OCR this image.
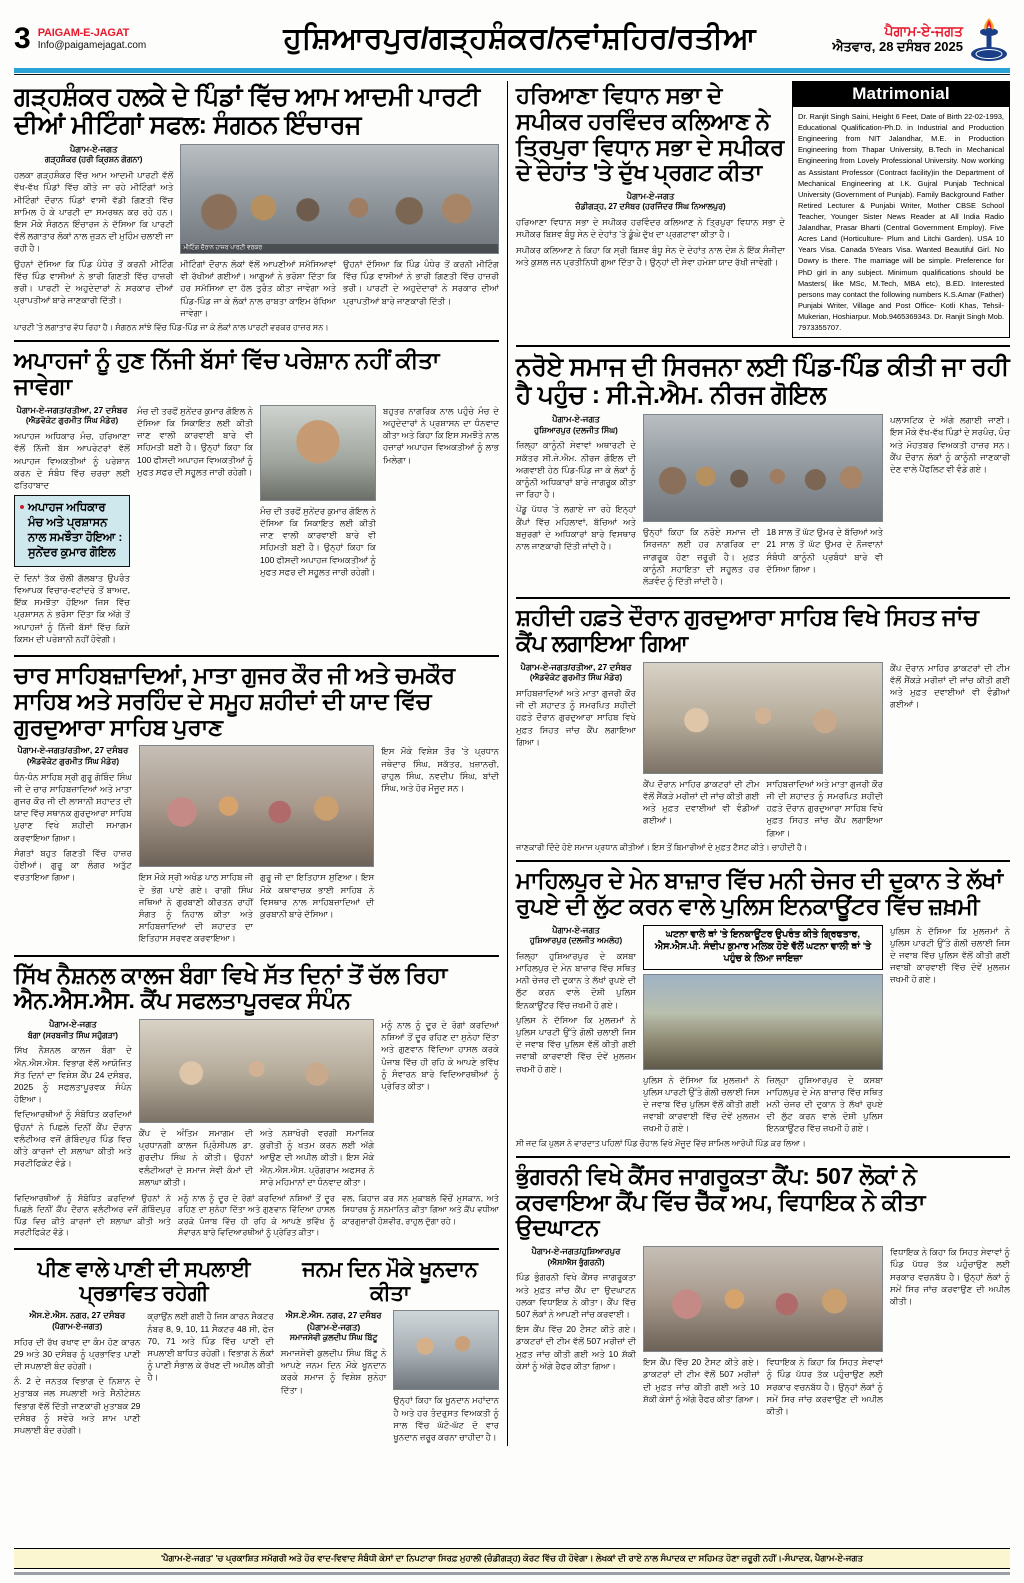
3 PAIGAM-E-JAGAT
Info@paigamejagat.com	ਹੁਸ਼ਿਆਰਪੁਰ/ਗੜ੍ਹਸ਼ੰਕਰ/ਨਵਾਂਸ਼ਹਿਰ/ਰਤੀਆ	ਪੈਗਾਮ-ਏ-ਜਗਤ
ਐਤਵਾਰ, 28 ਦਸੰਬਰ 2025
ਗੜ੍ਹਸ਼ੰਕਰ ਹਲਕੇ ਦੇ ਪਿੰਡਾਂ ਵਿੱਚ ਆਮ ਆਦਮੀ ਪਾਰਟੀ ਦੀਆਂ ਮੀਟਿੰਗਾਂ ਸਫਲ: ਸੰਗਠਨ ਇੰਚਾਰਜ
ਪੈਗਾਮ-ਏ-ਜਗਤ
ਗੜ੍ਹਸ਼ੰਕਰ (ਹਰੀ ਕ੍ਰਿਸ਼ਨ ਗੋਗਨਾ)

ਹਲਕਾ ਗੜ੍ਹਸ਼ੰਕਰ ਵਿੱਚ ਆਮ ਆਦਮੀ ਪਾਰਟੀ ਵੱਲੋਂ ਵੱਖ-ਵੱਖ ਪਿੰਡਾਂ ਵਿੱਚ ਕੀਤੇ ਜਾ ਰਹੇ ਮੀਟਿੰਗਾਂ ਅਤੇ ਮੀਟਿੰਗਾਂ ਦੌਰਾਨ ਪਿੰਡਾਂ ਵਾਸੀ ਵੱਡੀ ਗਿਣਤੀ ਵਿੱਚ ਸ਼ਾਮਿਲ ਹੋ ਕੇ ਪਾਰਟੀ ਦਾ ਸਮਰਥਨ ਕਰ ਰਹੇ ਹਨ। ਇਸ ਮੌਕੇ ਸੰਗਠਨ ਇੰਚਾਰਜ ਨੇ ਦੱਸਿਆ ਕਿ ਪਾਰਟੀ ਵੱਲੋਂ ਲਗਾਤਾਰ ਲੋਕਾਂ ਨਾਲ ਜੁੜਨ ਦੀ ਮੁਹਿੰਮ ਚਲਾਈ ਜਾ ਰਹੀ ਹੈ।

ਉਹਨਾਂ ਦੱਸਿਆ ਕਿ ਪਿੰਡ ਪੰਧੇਰ ਤੋਂ ਕਰਨੀ ਮੀਟਿੰਗ ਵਿੱਚ ਪਿੰਡ ਵਾਸੀਆਂ ਨੇ ਭਾਰੀ ਗਿਣਤੀ ਵਿੱਚ ਹਾਜ਼ਰੀ ਭਰੀ। ਪਾਰਟੀ ਦੇ ਅਹੁਦੇਦਾਰਾਂ ਨੇ ਸਰਕਾਰ ਦੀਆਂ ਪ੍ਰਾਪਤੀਆਂ ਬਾਰੇ ਜਾਣਕਾਰੀ ਦਿੱਤੀ।

ਮੀਟਿੰਗ ਦੌਰਾਨ ਹਾਜ਼ਰ ਪਾਰਟੀ ਵਰਕਰ

ਮੀਟਿੰਗਾਂ ਦੌਰਾਨ ਲੋਕਾਂ ਵੱਲੋਂ ਆਪਣੀਆਂ ਸਮੱਸਿਆਵਾਂ ਵੀ ਰੱਖੀਆਂ ਗਈਆਂ। ਆਗੂਆਂ ਨੇ ਭਰੋਸਾ ਦਿੱਤਾ ਕਿ ਹਰ ਸਮੱਸਿਆ ਦਾ ਹੱਲ ਤੁਰੰਤ ਕੀਤਾ ਜਾਵੇਗਾ ਅਤੇ ਪਿੰਡ-ਪਿੰਡ ਜਾ ਕੇ ਲੋਕਾਂ ਨਾਲ ਰਾਬਤਾ ਕਾਇਮ ਰੱਖਿਆ ਜਾਵੇਗਾ।

ਉਹਨਾਂ ਦੱਸਿਆ ਕਿ ਪਿੰਡ ਪੰਧੇਰ ਤੋਂ ਕਰਨੀ ਮੀਟਿੰਗ ਵਿੱਚ ਪਿੰਡ ਵਾਸੀਆਂ ਨੇ ਭਾਰੀ ਗਿਣਤੀ ਵਿੱਚ ਹਾਜ਼ਰੀ ਭਰੀ। ਪਾਰਟੀ ਦੇ ਅਹੁਦੇਦਾਰਾਂ ਨੇ ਸਰਕਾਰ ਦੀਆਂ ਪ੍ਰਾਪਤੀਆਂ ਬਾਰੇ ਜਾਣਕਾਰੀ ਦਿੱਤੀ।

ਪਾਰਟੀ 'ਤੇ ਲਗਾਤਾਰ ਵੱਧ ਰਿਹਾ ਹੈ। ਸੰਗਠਨ ਸਾਂਝੇ ਵਿੱਚ ਪਿੰਡ-ਪਿੰਡ ਜਾ ਕੇ ਲੋਕਾਂ ਨਾਲ ਪਾਰਟੀ ਵਰਕਰ ਹਾਜ਼ਰ ਸਨ।

ਅਪਾਹਜਾਂ ਨੂੰ ਹੁਣ ਨਿੱਜੀ ਬੱਸਾਂ ਵਿੱਚ ਪਰੇਸ਼ਾਨ ਨਹੀਂ ਕੀਤਾ ਜਾਵੇਗਾ
ਪੈਗਾਮ-ਏ-ਜਗਤ/ਰਤੀਆ, 27 ਦਸੰਬਰ
(ਐਡਵੋਕੇਟ ਗੁਰਮੀਤ ਸਿੰਘ ਮੰਡੇਰ)

ਅਪਾਹਜ ਅਧਿਕਾਰ ਮੰਚ, ਹਰਿਆਣਾ ਵੱਲੋਂ ਨਿੱਜੀ ਬੱਸ ਆਪਰੇਟਰਾਂ ਵੱਲੋਂ ਅਪਾਹਜ ਵਿਅਕਤੀਆਂ ਨੂੰ ਪਰੇਸ਼ਾਨ ਕਰਨ ਦੇ ਸੰਬੰਧ ਵਿੱਚ ਚਰਚਾ ਲਈ ਫਤਿਹਾਬਾਦ

ਅਪਾਹਜ ਅਧਿਕਾਰ ਮੰਚ ਅਤੇ ਪ੍ਰਸ਼ਾਸਨ ਨਾਲ ਸਮਝੌਤਾ ਹੋਇਆ : ਸੁਨੇਂਦਰ ਕੁਮਾਰ ਗੋਇਲ

ਦੋ ਦਿਨਾਂ ਤੱਕ ਚੱਲੀ ਗੱਲਬਾਤ ਉਪਰੰਤ ਵਿਆਪਕ ਵਿਚਾਰ-ਵਟਾਂਦਰੇ ਤੋਂ ਬਾਅਦ, ਇੱਕ ਸਮਝੌਤਾ ਹੋਇਆ ਜਿਸ ਵਿੱਚ ਪ੍ਰਸ਼ਾਸਨ ਨੇ ਭਰੋਸਾ ਦਿੱਤਾ ਕਿ ਅੱਗੇ ਤੋਂ ਅਪਾਹਜਾਂ ਨੂੰ ਨਿੱਜੀ ਬੱਸਾਂ ਵਿੱਚ ਕਿਸੇ ਕਿਸਮ ਦੀ ਪਰੇਸ਼ਾਨੀ ਨਹੀਂ ਹੋਵੇਗੀ।

ਮੰਚ ਦੀ ਤਰਫੋਂ ਸੁਨੇਂਦਰ ਕੁਮਾਰ ਗੋਇਲ ਨੇ ਦੱਸਿਆ ਕਿ ਸਿਕਾਇਤ ਲਈ ਕੀਤੀ ਜਾਣ ਵਾਲੀ ਕਾਰਵਾਈ ਬਾਰੇ ਵੀ ਸਹਿਮਤੀ ਬਣੀ ਹੈ। ਉਨ੍ਹਾਂ ਕਿਹਾ ਕਿ 100 ਫੀਸਦੀ ਅਪਾਹਜ ਵਿਅਕਤੀਆਂ ਨੂੰ ਮੁਫਤ ਸਫਰ ਦੀ ਸਹੂਲਤ ਜਾਰੀ ਰਹੇਗੀ।

ਮੰਚ ਦੀ ਤਰਫੋਂ ਸੁਨੇਂਦਰ ਕੁਮਾਰ ਗੋਇਲ ਨੇ ਦੱਸਿਆ ਕਿ ਸਿਕਾਇਤ ਲਈ ਕੀਤੀ ਜਾਣ ਵਾਲੀ ਕਾਰਵਾਈ ਬਾਰੇ ਵੀ ਸਹਿਮਤੀ ਬਣੀ ਹੈ। ਉਨ੍ਹਾਂ ਕਿਹਾ ਕਿ 100 ਫੀਸਦੀ ਅਪਾਹਜ ਵਿਅਕਤੀਆਂ ਨੂੰ ਮੁਫਤ ਸਫਰ ਦੀ ਸਹੂਲਤ ਜਾਰੀ ਰਹੇਗੀ।

ਬਹੁਤਰ ਨਾਗਰਿਕ ਨਾਲ ਪਹੁੰਚੇ ਮੰਚ ਦੇ ਅਹੁਦੇਦਾਰਾਂ ਨੇ ਪ੍ਰਸ਼ਾਸਨ ਦਾ ਧੰਨਵਾਦ ਕੀਤਾ ਅਤੇ ਕਿਹਾ ਕਿ ਇਸ ਸਮਝੌਤੇ ਨਾਲ ਹਜ਼ਾਰਾਂ ਅਪਾਹਜ ਵਿਅਕਤੀਆਂ ਨੂੰ ਲਾਭ ਮਿਲੇਗਾ।

ਚਾਰ ਸਾਹਿਬਜ਼ਾਦਿਆਂ, ਮਾਤਾ ਗੁਜਰ ਕੌਰ ਜੀ ਅਤੇ ਚਮਕੌਰ ਸਾਹਿਬ ਅਤੇ ਸਰਹਿੰਦ ਦੇ ਸਮੂਹ ਸ਼ਹੀਦਾਂ ਦੀ ਯਾਦ ਵਿੱਚ ਗੁਰਦੁਆਰਾ ਸਾਹਿਬ ਪੁਰਾਣ
ਪੈਗਾਮ-ਏ-ਜਗਤ/ਰਤੀਆ, 27 ਦਸੰਬਰ
(ਐਡਵੋਕੇਟ ਗੁਰਮੀਤ ਸਿੰਘ ਮੰਡੇਰ)

ਧੰਨ-ਧੰਨ ਸਾਹਿਬ ਸ੍ਰੀ ਗੁਰੂ ਗੋਬਿੰਦ ਸਿੰਘ ਜੀ ਦੇ ਚਾਰ ਸਾਹਿਬਜ਼ਾਦਿਆਂ ਅਤੇ ਮਾਤਾ ਗੁਜਰ ਕੌਰ ਜੀ ਦੀ ਲਾਸਾਨੀ ਸ਼ਹਾਦਤ ਦੀ ਯਾਦ ਵਿੱਚ ਸਥਾਨਕ ਗੁਰਦੁਆਰਾ ਸਾਹਿਬ ਪੁਰਾਣ ਵਿਖੇ ਸ਼ਹੀਦੀ ਸਮਾਗਮ ਕਰਵਾਇਆ ਗਿਆ।

ਸੰਗਤਾਂ ਬਹੁਤ ਗਿਣਤੀ ਵਿੱਚ ਹਾਜ਼ਰ ਹੋਈਆਂ। ਗੁਰੂ ਕਾ ਲੰਗਰ ਅਤੁੱਟ ਵਰਤਾਇਆ ਗਿਆ।	ਇਸ ਮੌਕੇ ਸ੍ਰੀ ਅਖੰਡ ਪਾਠ ਸਾਹਿਬ ਜੀ ਦੇ ਭੋਗ ਪਾਏ ਗਏ। ਰਾਗੀ ਸਿੰਘ ਜਥਿਆਂ ਨੇ ਗੁਰਬਾਣੀ ਕੀਰਤਨ ਰਾਹੀਂ ਸੰਗਤ ਨੂੰ ਨਿਹਾਲ ਕੀਤਾ ਅਤੇ ਸਾਹਿਬਜ਼ਾਦਿਆਂ ਦੀ ਸ਼ਹਾਦਤ ਦਾ ਇਤਿਹਾਸ ਸਰਵਣ ਕਰਵਾਇਆ।

ਗੁਰੂ ਜੀ ਦਾ ਇਤਿਹਾਸ ਸੁਣਿਆ। ਇਸ ਮੌਕੇ ਕਥਾਵਾਚਕ ਭਾਈ ਸਾਹਿਬ ਨੇ ਵਿਸਥਾਰ ਨਾਲ ਸਾਹਿਬਜ਼ਾਦਿਆਂ ਦੀ ਕੁਰਬਾਨੀ ਬਾਰੇ ਦੱਸਿਆ।

ਇਸ ਮੌਕੇ ਵਿਸ਼ੇਸ਼ ਤੌਰ 'ਤੇ ਪ੍ਰਧਾਨ ਜਥੇਦਾਰ ਸਿੰਘ, ਸਕੱਤਰ, ਖ਼ਜ਼ਾਨਚੀ, ਰਾਹੁਲ ਸਿੰਘ, ਨਵਦੀਪ ਸਿੰਘ, ਬਾਂਦੀ ਸਿੰਘ, ਅਤੇ ਹੋਰ ਮੌਜੂਦ ਸਨ।

ਸਿੱਖ ਨੈਸ਼ਨਲ ਕਾਲਜ ਬੰਗਾ ਵਿਖੇ ਸੱਤ ਦਿਨਾਂ ਤੋਂ ਚੱਲ ਰਿਹਾ ਐਨ.ਐਸ.ਐਸ. ਕੈਂਪ ਸਫਲਤਾਪੂਰਵਕ ਸੰਪੰਨ
ਪੈਗਾਮ-ਏ-ਜਗਤ
ਬੰਗਾ (ਸਰਬਜੀਤ ਸਿੰਘ ਸਹੁੰਗੜਾ)

ਸਿੱਖ ਨੈਸ਼ਨਲ ਕਾਲਜ ਬੰਗਾ ਦੇ ਐਨ.ਐਸ.ਐਸ. ਵਿਭਾਗ ਵੱਲੋਂ ਆਯੋਜਿਤ ਸੱਤ ਦਿਨਾਂ ਦਾ ਵਿਸ਼ੇਸ਼ ਕੈਂਪ 24 ਦਸੰਬਰ, 2025 ਨੂੰ ਸਫਲਤਾਪੂਰਵਕ ਸੰਪੰਨ ਹੋਇਆ।

ਵਿਦਿਆਰਥੀਆਂ ਨੂੰ ਸੰਬੋਧਿਤ ਕਰਦਿਆਂ ਉਹਨਾਂ ਨੇ ਪਿਛਲੇ ਦਿਨੀਂ ਕੈਂਪ ਦੌਰਾਨ ਵਲੰਟੀਅਰ ਵਜੋਂ ਗੋਬਿੰਦਪੁਰ ਪਿੰਡ ਵਿਚ ਕੀਤੇ ਕਾਰਜਾਂ ਦੀ ਸ਼ਲਾਘਾ ਕੀਤੀ ਅਤੇ ਸਰਟੀਫਿਕੇਟ ਵੰਡੇ।

ਕੈਂਪ ਦੇ ਅੰਤਿਮ ਸਮਾਗਮ ਦੀ ਪ੍ਰਧਾਨਗੀ ਕਾਲਜ ਪ੍ਰਿੰਸੀਪਲ ਡਾ. ਗੁਰਦੀਪ ਸਿੰਘ ਨੇ ਕੀਤੀ। ਉਹਨਾਂ ਵਲੰਟੀਅਰਾਂ ਦੇ ਸਮਾਜ ਸੇਵੀ ਕੰਮਾਂ ਦੀ ਸ਼ਲਾਘਾ ਕੀਤੀ।

ਅਤੇ ਨਸ਼ਾਖੋਰੀ ਵਰਗੀ ਸਮਾਜਿਕ ਕੁਰੀਤੀ ਨੂੰ ਖਤਮ ਕਰਨ ਲਈ ਅੱਗੇ ਆਉਣ ਦੀ ਅਪੀਲ ਕੀਤੀ। ਇਸ ਮੌਕੇ ਐਨ.ਐਸ.ਐਸ. ਪ੍ਰੋਗਰਾਮ ਅਫਸਰ ਨੇ ਸਾਰੇ ਮਹਿਮਾਨਾਂ ਦਾ ਧੰਨਵਾਦ ਕੀਤਾ।

ਮਨੂੰ ਨਾਲ ਨੂੰ ਦੂਰ ਦੇ ਰੋਗਾਂ ਕਰਦਿਆਂ ਨਸ਼ਿਆਂ ਤੋਂ ਦੂਰ ਰਹਿਣ ਦਾ ਸੁਨੇਹਾ ਦਿੱਤਾ ਅਤੇ ਗੁਣਵਾਨ ਵਿੱਦਿਆ ਹਾਸਲ ਕਰਕੇ ਪੰਜਾਬ ਵਿੱਚ ਹੀ ਰਹਿ ਕੇ ਆਪਣੇ ਭਵਿੱਖ ਨੂੰ ਸੰਵਾਰਨ ਬਾਰੇ ਵਿਦਿਆਰਥੀਆਂ ਨੂੰ ਪ੍ਰੇਰਿਤ ਕੀਤਾ।

ਵਿਦਿਆਰਥੀਆਂ ਨੂੰ ਸੰਬੋਧਿਤ ਕਰਦਿਆਂ ਉਹਨਾਂ ਨੇ ਪਿਛਲੇ ਦਿਨੀਂ ਕੈਂਪ ਦੌਰਾਨ ਵਲੰਟੀਅਰ ਵਜੋਂ ਗੋਬਿੰਦਪੁਰ ਪਿੰਡ ਵਿਚ ਕੀਤੇ ਕਾਰਜਾਂ ਦੀ ਸ਼ਲਾਘਾ ਕੀਤੀ ਅਤੇ ਸਰਟੀਫਿਕੇਟ ਵੰਡੇ।

ਮਨੂੰ ਨਾਲ ਨੂੰ ਦੂਰ ਦੇ ਰੋਗਾਂ ਕਰਦਿਆਂ ਨਸ਼ਿਆਂ ਤੋਂ ਦੂਰ ਰਹਿਣ ਦਾ ਸੁਨੇਹਾ ਦਿੱਤਾ ਅਤੇ ਗੁਣਵਾਨ ਵਿੱਦਿਆ ਹਾਸਲ ਕਰਕੇ ਪੰਜਾਬ ਵਿੱਚ ਹੀ ਰਹਿ ਕੇ ਆਪਣੇ ਭਵਿੱਖ ਨੂੰ ਸੰਵਾਰਨ ਬਾਰੇ ਵਿਦਿਆਰਥੀਆਂ ਨੂੰ ਪ੍ਰੇਰਿਤ ਕੀਤਾ।

ਵਲ, ਕਿਹਾਜ਼ ਕਰ ਸਨ ਮੁਕਾਬਲੇ ਵਿੱਚੋਂ ਮੁਸਕਾਨ, ਅਤੇ ਸਿਧਾਰਥ ਨੂੰ ਸਨਮਾਨਿਤ ਕੀਤਾ ਗਿਆ ਅਤੇ ਕੈਂਪ ਵਧੀਆ ਕਾਰਗੁਜ਼ਾਰੀ ਹੋਸ਼ਵੀਰ, ਰਾਹੁਲ ਦੁੱਗਾ ਰਹੇ।

ਪੀਣ ਵਾਲੇ ਪਾਣੀ ਦੀ ਸਪਲਾਈ ਪ੍ਰਭਾਵਿਤ ਰਹੇਗੀ
ਐਸ.ਏ.ਐਸ. ਨਗਰ, 27 ਦਸੰਬਰ
(ਪੈਗਾਮ-ਏ-ਜਗਤ)

ਸਹਿਰ ਦੀ ਰੱਖ ਰਖਾਵ ਦਾ ਕੰਮ ਹੋਣ ਕਾਰਨ 29 ਅਤੇ 30 ਦਸੰਬਰ ਨੂੰ ਪ੍ਰਭਾਵਿਤ ਪਾਣੀ ਦੀ ਸਪਲਾਈ ਬੰਦ ਰਹੇਗੀ।

ਨੰ. 2 ਦੇ ਜਨਤਕ ਵਿਭਾਗ ਦੇ ਨਿਸ਼ਾਨ ਦੇ ਮੁਤਾਬਕ ਜਲ ਸਪਲਾਈ ਅਤੇ ਸੈਨੀਟੇਸ਼ਨ ਵਿਭਾਗ ਵੱਲੋਂ ਦਿੱਤੀ ਜਾਣਕਾਰੀ ਮੁਤਾਬਕ 29 ਦਸੰਬਰ ਨੂੰ ਸਵੇਰੇ ਅਤੇ ਸ਼ਾਮ ਪਾਣੀ ਸਪਲਾਈ ਬੰਦ ਰਹੇਗੀ।

ਕ੍ਰਾਉਂਨ ਲਈ ਗਈ ਹੈ ਜਿਸ ਕਾਰਨ ਸੈਕਟਰ ਨੰਬਰ 8, 9, 10, 11 ਸੈਕਟਰ 48 ਸੀ, ਫੇਜ਼ 70, 71 ਅਤੇ ਪਿੰਡ ਵਿੱਚ ਪਾਣੀ ਦੀ ਸਪਲਾਈ ਬਾਧਿਤ ਰਹੇਗੀ। ਵਿਭਾਗ ਨੇ ਲੋਕਾਂ ਨੂੰ ਪਾਣੀ ਸੰਭਾਲ ਕੇ ਰੱਖਣ ਦੀ ਅਪੀਲ ਕੀਤੀ ਹੈ।

ਜਨਮ ਦਿਨ ਮੌਕੇ ਖੂਨਦਾਨ ਕੀਤਾ
ਐਸ.ਏ.ਐਸ. ਨਗਰ, 27 ਦਸੰਬਰ (ਪੈਗਾਮ-ਏ-ਜਗਤ)
ਸਮਾਜਸੇਵੀ ਕੁਲਦੀਪ ਸਿੰਘ ਬਿੱਟੂ

ਸਮਾਜਸੇਵੀ ਕੁਲਦੀਪ ਸਿੰਘ ਬਿੱਟੂ ਨੇ ਆਪਣੇ ਜਨਮ ਦਿਨ ਮੌਕੇ ਖੂਨਦਾਨ ਕਰਕੇ ਸਮਾਜ ਨੂੰ ਵਿਸ਼ੇਸ਼ ਸੁਨੇਹਾ ਦਿੱਤਾ।

ਉਨ੍ਹਾਂ ਕਿਹਾ ਕਿ ਖੂਨਦਾਨ ਮਹਾਂਦਾਨ ਹੈ ਅਤੇ ਹਰ ਤੰਦਰੁਸਤ ਵਿਅਕਤੀ ਨੂੰ ਸਾਲ ਵਿੱਚ ਘੱਟੋ-ਘੱਟ ਦੋ ਵਾਰ ਖੂਨਦਾਨ ਜ਼ਰੂਰ ਕਰਨਾ ਚਾਹੀਦਾ ਹੈ।

ਹਰਿਆਣਾ ਵਿਧਾਨ ਸਭਾ ਦੇ ਸਪੀਕਰ ਹਰਵਿੰਦਰ ਕਲਿਆਣ ਨੇ ਤ੍ਰਿਪੁਰਾ ਵਿਧਾਨ ਸਭਾ ਦੇ ਸਪੀਕਰ ਦੇ ਦੇਹਾਂਤ 'ਤੇ ਦੁੱਖ ਪ੍ਰਗਟ ਕੀਤਾ
ਪੈਗਾਮ-ਏ-ਜਗਤ
ਚੰਡੀਗੜ੍ਹ, 27 ਦਸੰਬਰ (ਹਰਜਿੰਦਰ ਸਿੰਘ ਨਿਆਲਪੁਰ)

ਹਰਿਆਣਾ ਵਿਧਾਨ ਸਭਾ ਦੇ ਸਪੀਕਰ ਹਰਵਿੰਦਰ ਕਲਿਆਣ ਨੇ ਤ੍ਰਿਪੁਰਾ ਵਿਧਾਨ ਸਭਾ ਦੇ ਸਪੀਕਰ ਬਿਸ਼ਵ ਬੰਧੂ ਸੇਨ ਦੇ ਦੇਹਾਂਤ 'ਤੇ ਡੂੰਘੇ ਦੁੱਖ ਦਾ ਪ੍ਰਗਟਾਵਾ ਕੀਤਾ ਹੈ।

ਸਪੀਕਰ ਕਲਿਆਣ ਨੇ ਕਿਹਾ ਕਿ ਸ੍ਰੀ ਬਿਸ਼ਵ ਬੰਧੂ ਸੇਨ ਦੇ ਦੇਹਾਂਤ ਨਾਲ ਦੇਸ਼ ਨੇ ਇੱਕ ਸੰਜੀਦਾ ਅਤੇ ਕੁਸ਼ਲ ਜਨ ਪ੍ਰਤੀਨਿਧੀ ਗੁਆ ਦਿੱਤਾ ਹੈ। ਉਨ੍ਹਾਂ ਦੀ ਸੇਵਾ ਹਮੇਸ਼ਾ ਯਾਦ ਰੱਖੀ ਜਾਵੇਗੀ।

Matrimonial
Dr. Ranjit Singh Saini, Height 6 Feet, Date of Birth 22-02-1993, Educational Qualification-Ph.D. in Industrial and Production Engineering from NIT Jalandhar, M.E. in Production Engineering from Thapar University, B.Tech in Mechanical Engineering from Lovely Professional University. Now working as Assistant Professor (Contract facility)in the Department of Mechanical Engineering at I.K. Gujral Punjab Technical University (Government of Punjab). Family Background Father Retired Lecturer & Punjabi Writer, Mother CBSE School Teacher, Younger Sister News Reader at All India Radio Jalandhar, Prasar Bharti (Central Government Employ). Five Acres Land (Horticulture- Plum and Litchi Garden). USA 10 Years Visa. Canada 5Years Visa. Wanted Beautiful Girl. No Dowry is there. The marriage will be simple. Preference for PhD girl in any subject. Minimum qualifications should be Masters( like MSc, M.Tech, MBA etc), B.ED. Interested persons may contact the following numbers K.S.Amar (Father) Punjabi Writer, Village and Post Office- Kotli Khas, Tehsil-Mukerian, Hoshiarpur. Mob.9465369343. Dr. Ranjit Singh Mob. 7973355707.
ਨਰੋਏ ਸਮਾਜ ਦੀ ਸਿਰਜਨਾ ਲਈ ਪਿੰਡ-ਪਿੰਡ ਕੀਤੀ ਜਾ ਰਹੀ ਹੈ ਪਹੁੰਚ : ਸੀ.ਜੇ.ਐਮ. ਨੀਰਜ ਗੋਇਲ
ਪੈਗਾਮ-ਏ-ਜਗਤ
ਹੁਸ਼ਿਆਰਪੁਰ (ਦਲਜੀਤ ਸਿੰਘ)

ਜ਼ਿਲ੍ਹਾ ਕਾਨੂੰਨੀ ਸੇਵਾਵਾਂ ਅਥਾਰਟੀ ਦੇ ਸਕੱਤਰ ਸੀ.ਜੇ.ਐਮ. ਨੀਰਜ ਗੋਇਲ ਦੀ ਅਗਵਾਈ ਹੇਠ ਪਿੰਡ-ਪਿੰਡ ਜਾ ਕੇ ਲੋਕਾਂ ਨੂੰ ਕਾਨੂੰਨੀ ਅਧਿਕਾਰਾਂ ਬਾਰੇ ਜਾਗਰੂਕ ਕੀਤਾ ਜਾ ਰਿਹਾ ਹੈ।

ਪੇਂਡੂ ਪੱਧਰ 'ਤੇ ਲਗਾਏ ਜਾ ਰਹੇ ਇਨ੍ਹਾਂ ਕੈਂਪਾਂ ਵਿੱਚ ਮਹਿਲਾਵਾਂ, ਬੱਚਿਆਂ ਅਤੇ ਬਜ਼ੁਰਗਾਂ ਦੇ ਅਧਿਕਾਰਾਂ ਬਾਰੇ ਵਿਸਥਾਰ ਨਾਲ ਜਾਣਕਾਰੀ ਦਿੱਤੀ ਜਾਂਦੀ ਹੈ।

ਉਨ੍ਹਾਂ ਕਿਹਾ ਕਿ ਨਰੋਏ ਸਮਾਜ ਦੀ ਸਿਰਜਨਾ ਲਈ ਹਰ ਨਾਗਰਿਕ ਦਾ ਜਾਗਰੂਕ ਹੋਣਾ ਜ਼ਰੂਰੀ ਹੈ। ਮੁਫ਼ਤ ਕਾਨੂੰਨੀ ਸਹਾਇਤਾ ਦੀ ਸਹੂਲਤ ਹਰ ਲੋੜਵੰਦ ਨੂੰ ਦਿੱਤੀ ਜਾਂਦੀ ਹੈ।

18 ਸਾਲ ਤੋਂ ਘੱਟ ਉਮਰ ਦੇ ਬੱਚਿਆਂ ਅਤੇ 21 ਸਾਲ ਤੋਂ ਘੱਟ ਉਮਰ ਦੇ ਨੌਜਵਾਨਾਂ ਸੰਬੰਧੀ ਕਾਨੂੰਨੀ ਪ੍ਰਬੰਧਾਂ ਬਾਰੇ ਵੀ ਦੱਸਿਆ ਗਿਆ।

ਪਲਾਸਟਿਕ ਦੇ ਅੱਗੇ ਲਗਾਈ ਜਾਣੀ। ਇਸ ਮੌਕੇ ਵੱਖ-ਵੱਖ ਪਿੰਡਾਂ ਦੇ ਸਰਪੰਚ, ਪੰਚ ਅਤੇ ਮੋਹਤਬਰ ਵਿਅਕਤੀ ਹਾਜ਼ਰ ਸਨ। ਕੈਂਪ ਦੌਰਾਨ ਲੋਕਾਂ ਨੂੰ ਕਾਨੂੰਨੀ ਜਾਣਕਾਰੀ ਦੇਣ ਵਾਲੇ ਪੈਂਫਲਿਟ ਵੀ ਵੰਡੇ ਗਏ।

ਸ਼ਹੀਦੀ ਹਫ਼ਤੇ ਦੌਰਾਨ ਗੁਰਦੁਆਰਾ ਸਾਹਿਬ ਵਿਖੇ ਸਿਹਤ ਜਾਂਚ ਕੈਂਪ ਲਗਾਇਆ ਗਿਆ
ਪੈਗਾਮ-ਏ-ਜਗਤ/ਰਤੀਆ, 27 ਦਸੰਬਰ
(ਐਡਵੋਕੇਟ ਗੁਰਮੀਤ ਸਿੰਘ ਮੰਡੇਰ)

ਸਾਹਿਬਜ਼ਾਦਿਆਂ ਅਤੇ ਮਾਤਾ ਗੁਜਰੀ ਕੌਰ ਜੀ ਦੀ ਸ਼ਹਾਦਤ ਨੂੰ ਸਮਰਪਿਤ ਸ਼ਹੀਦੀ ਹਫ਼ਤੇ ਦੌਰਾਨ ਗੁਰਦੁਆਰਾ ਸਾਹਿਬ ਵਿਖੇ ਮੁਫ਼ਤ ਸਿਹਤ ਜਾਂਚ ਕੈਂਪ ਲਗਾਇਆ ਗਿਆ।

ਕੈਂਪ ਦੌਰਾਨ ਮਾਹਿਰ ਡਾਕਟਰਾਂ ਦੀ ਟੀਮ ਵੱਲੋਂ ਸੈਂਕੜੇ ਮਰੀਜ਼ਾਂ ਦੀ ਜਾਂਚ ਕੀਤੀ ਗਈ ਅਤੇ ਮੁਫ਼ਤ ਦਵਾਈਆਂ ਵੀ ਵੰਡੀਆਂ ਗਈਆਂ।

ਸਾਹਿਬਜ਼ਾਦਿਆਂ ਅਤੇ ਮਾਤਾ ਗੁਜਰੀ ਕੌਰ ਜੀ ਦੀ ਸ਼ਹਾਦਤ ਨੂੰ ਸਮਰਪਿਤ ਸ਼ਹੀਦੀ ਹਫ਼ਤੇ ਦੌਰਾਨ ਗੁਰਦੁਆਰਾ ਸਾਹਿਬ ਵਿਖੇ ਮੁਫ਼ਤ ਸਿਹਤ ਜਾਂਚ ਕੈਂਪ ਲਗਾਇਆ ਗਿਆ।

ਕੈਂਪ ਦੌਰਾਨ ਮਾਹਿਰ ਡਾਕਟਰਾਂ ਦੀ ਟੀਮ ਵੱਲੋਂ ਸੈਂਕੜੇ ਮਰੀਜ਼ਾਂ ਦੀ ਜਾਂਚ ਕੀਤੀ ਗਈ ਅਤੇ ਮੁਫ਼ਤ ਦਵਾਈਆਂ ਵੀ ਵੰਡੀਆਂ ਗਈਆਂ।

ਜਾਣਕਾਰੀ ਦਿੰਦੇ ਹੋਏ ਸਮਾਜ ਪ੍ਰਧਾਨ ਕੀਤੀਆਂ। ਇਸ ਤੋਂ ਬਿਮਾਰੀਆਂ ਦੇ ਮੁਫ਼ਤ ਟੈਸਟ ਕੀਤੇ। ਚਾਹੀਦੀ ਹੈ।

ਮਾਹਿਲਪੁਰ ਦੇ ਮੇਨ ਬਾਜ਼ਾਰ ਵਿੱਚ ਮਨੀ ਚੇਜਰ ਦੀ ਦੁਕਾਨ ਤੇ ਲੱਖਾਂ ਰੁਪਏ ਦੀ ਲੁੱਟ ਕਰਨ ਵਾਲੇ ਪੁਲਿਸ ਇਨਕਾਊਂਟਰ ਵਿੱਚ ਜ਼ਖ਼ਮੀ
ਪੈਗਾਮ-ਏ-ਜਗਤ
ਹੁਸ਼ਿਆਰਪੁਰ (ਦਲਜੀਤ ਅਮਲੋਹ)

ਜ਼ਿਲ੍ਹਾ ਹੁਸ਼ਿਆਰਪੁਰ ਦੇ ਕਸਬਾ ਮਾਹਿਲਪੁਰ ਦੇ ਮੇਨ ਬਾਜ਼ਾਰ ਵਿੱਚ ਸਥਿਤ ਮਨੀ ਚੇਜਰ ਦੀ ਦੁਕਾਨ ਤੇ ਲੱਖਾਂ ਰੁਪਏ ਦੀ ਲੁੱਟ ਕਰਨ ਵਾਲੇ ਦੋਸ਼ੀ ਪੁਲਿਸ ਇਨਕਾਊਂਟਰ ਵਿੱਚ ਜ਼ਖਮੀ ਹੋ ਗਏ।

ਪੁਲਿਸ ਨੇ ਦੱਸਿਆ ਕਿ ਮੁਲਜ਼ਮਾਂ ਨੇ ਪੁਲਿਸ ਪਾਰਟੀ ਉੱਤੇ ਗੋਲੀ ਚਲਾਈ ਜਿਸ ਦੇ ਜਵਾਬ ਵਿੱਚ ਪੁਲਿਸ ਵੱਲੋਂ ਕੀਤੀ ਗਈ ਜਵਾਬੀ ਕਾਰਵਾਈ ਵਿੱਚ ਦੋਵੇਂ ਮੁਲਜ਼ਮ ਜ਼ਖਮੀ ਹੋ ਗਏ।

ਘਟਨਾ ਵਾਲੇ ਥਾਂ 'ਤੇ ਇਨਕਾਊਂਟਰ ਉਪਰੰਤ ਕੀਤੇ ਗ੍ਰਿਫਤਾਰ, ਐਸ.ਐਸ.ਪੀ. ਸੰਦੀਪ ਕੁਮਾਰ ਮਲਿਕ ਹੋਏ ਵੱਲੋਂ ਘਟਨਾ ਵਾਲੀ ਥਾਂ 'ਤੇ ਪਹੁੰਚ ਕੇ ਲਿਆ ਜਾਇਜ਼ਾ

ਪੁਲਿਸ ਨੇ ਦੱਸਿਆ ਕਿ ਮੁਲਜ਼ਮਾਂ ਨੇ ਪੁਲਿਸ ਪਾਰਟੀ ਉੱਤੇ ਗੋਲੀ ਚਲਾਈ ਜਿਸ ਦੇ ਜਵਾਬ ਵਿੱਚ ਪੁਲਿਸ ਵੱਲੋਂ ਕੀਤੀ ਗਈ ਜਵਾਬੀ ਕਾਰਵਾਈ ਵਿੱਚ ਦੋਵੇਂ ਮੁਲਜ਼ਮ ਜ਼ਖਮੀ ਹੋ ਗਏ।

ਜ਼ਿਲ੍ਹਾ ਹੁਸ਼ਿਆਰਪੁਰ ਦੇ ਕਸਬਾ ਮਾਹਿਲਪੁਰ ਦੇ ਮੇਨ ਬਾਜ਼ਾਰ ਵਿੱਚ ਸਥਿਤ ਮਨੀ ਚੇਜਰ ਦੀ ਦੁਕਾਨ ਤੇ ਲੱਖਾਂ ਰੁਪਏ ਦੀ ਲੁੱਟ ਕਰਨ ਵਾਲੇ ਦੋਸ਼ੀ ਪੁਲਿਸ ਇਨਕਾਊਂਟਰ ਵਿੱਚ ਜ਼ਖਮੀ ਹੋ ਗਏ।

ਪੁਲਿਸ ਨੇ ਦੱਸਿਆ ਕਿ ਮੁਲਜ਼ਮਾਂ ਨੇ ਪੁਲਿਸ ਪਾਰਟੀ ਉੱਤੇ ਗੋਲੀ ਚਲਾਈ ਜਿਸ ਦੇ ਜਵਾਬ ਵਿੱਚ ਪੁਲਿਸ ਵੱਲੋਂ ਕੀਤੀ ਗਈ ਜਵਾਬੀ ਕਾਰਵਾਈ ਵਿੱਚ ਦੋਵੇਂ ਮੁਲਜ਼ਮ ਜ਼ਖਮੀ ਹੋ ਗਏ।

ਸੀ ਜਦ ਕਿ ਪੁਲਸ ਨੇ ਵਾਰਦਾਤ ਪਹਿਲਾਂ ਪਿੰਡ ਚੌਹਾਲ ਵਿਖੇ ਮੌਜੂਦ ਵਿੱਚ ਸ਼ਾਮਿਲ ਆਰੋਪੀ ਪਿੰਡ ਕਰ ਲਿਆ।

ਭੁੰਗਰਨੀ ਵਿਖੇ ਕੈਂਸਰ ਜਾਗਰੂਕਤਾ ਕੈਂਪ: 507 ਲੋਕਾਂ ਨੇ ਕਰਵਾਇਆ ਕੈਂਪ ਵਿੱਚ ਚੈੱਕ ਅਪ, ਵਿਧਾਇਕ ਨੇ ਕੀਤਾ ਉਦਘਾਟਨ
ਪੈਗਾਮ-ਏ-ਜਗਤ/ਹੁਸ਼ਿਆਰਪੁਰ
(ਐਸ/ਐਸ ਭੁੰਗਰਨੀ)

ਪਿੰਡ ਭੁੰਗਰਨੀ ਵਿਖੇ ਕੈਂਸਰ ਜਾਗਰੂਕਤਾ ਅਤੇ ਮੁਫ਼ਤ ਜਾਂਚ ਕੈਂਪ ਦਾ ਉਦਘਾਟਨ ਹਲਕਾ ਵਿਧਾਇਕ ਨੇ ਕੀਤਾ। ਕੈਂਪ ਵਿੱਚ 507 ਲੋਕਾਂ ਨੇ ਆਪਣੀ ਜਾਂਚ ਕਰਵਾਈ।

ਇਸ ਕੈਂਪ ਵਿੱਚ 20 ਟੈਸਟ ਕੀਤੇ ਗਏ। ਡਾਕਟਰਾਂ ਦੀ ਟੀਮ ਵੱਲੋਂ 507 ਮਰੀਜ਼ਾਂ ਦੀ ਮੁਫ਼ਤ ਜਾਂਚ ਕੀਤੀ ਗਈ ਅਤੇ 10 ਸ਼ੱਕੀ ਕੇਸਾਂ ਨੂੰ ਅੱਗੇ ਰੈਫਰ ਕੀਤਾ ਗਿਆ।	ਇਸ ਕੈਂਪ ਵਿੱਚ 20 ਟੈਸਟ ਕੀਤੇ ਗਏ। ਡਾਕਟਰਾਂ ਦੀ ਟੀਮ ਵੱਲੋਂ 507 ਮਰੀਜ਼ਾਂ ਦੀ ਮੁਫ਼ਤ ਜਾਂਚ ਕੀਤੀ ਗਈ ਅਤੇ 10 ਸ਼ੱਕੀ ਕੇਸਾਂ ਨੂੰ ਅੱਗੇ ਰੈਫਰ ਕੀਤਾ ਗਿਆ।

ਵਿਧਾਇਕ ਨੇ ਕਿਹਾ ਕਿ ਸਿਹਤ ਸੇਵਾਵਾਂ ਨੂੰ ਪਿੰਡ ਪੱਧਰ ਤੱਕ ਪਹੁੰਚਾਉਣ ਲਈ ਸਰਕਾਰ ਵਚਨਬੱਧ ਹੈ। ਉਨ੍ਹਾਂ ਲੋਕਾਂ ਨੂੰ ਸਮੇਂ ਸਿਰ ਜਾਂਚ ਕਰਵਾਉਣ ਦੀ ਅਪੀਲ ਕੀਤੀ।

ਵਿਧਾਇਕ ਨੇ ਕਿਹਾ ਕਿ ਸਿਹਤ ਸੇਵਾਵਾਂ ਨੂੰ ਪਿੰਡ ਪੱਧਰ ਤੱਕ ਪਹੁੰਚਾਉਣ ਲਈ ਸਰਕਾਰ ਵਚਨਬੱਧ ਹੈ। ਉਨ੍ਹਾਂ ਲੋਕਾਂ ਨੂੰ ਸਮੇਂ ਸਿਰ ਜਾਂਚ ਕਰਵਾਉਣ ਦੀ ਅਪੀਲ ਕੀਤੀ।

'ਪੈਗਾਮ-ਏ-ਜਗਤ' 'ਚ ਪ੍ਰਕਾਸ਼ਿਤ ਸਮੱਗਰੀ ਅਤੇ ਹੋਰ ਵਾਦ-ਵਿਵਾਦ ਸੰਬੰਧੀ ਕੇਸਾਂ ਦਾ ਨਿਪਟਾਰਾ ਸਿਰਫ਼ ਮੁਹਾਲੀ (ਚੰਡੀਗੜ੍ਹ) ਕੋਰਟ ਵਿੱਚ ਹੀ ਹੋਵੇਗਾ। ਲੇਖਕਾਂ ਦੀ ਰਾਏ ਨਾਲ ਸੰਪਾਦਕ ਦਾ ਸਹਿਮਤ ਹੋਣਾ ਜ਼ਰੂਰੀ ਨਹੀਂ।-ਸੰਪਾਦਕ, ਪੈਗਾਮ-ਏ-ਜਗਤ
